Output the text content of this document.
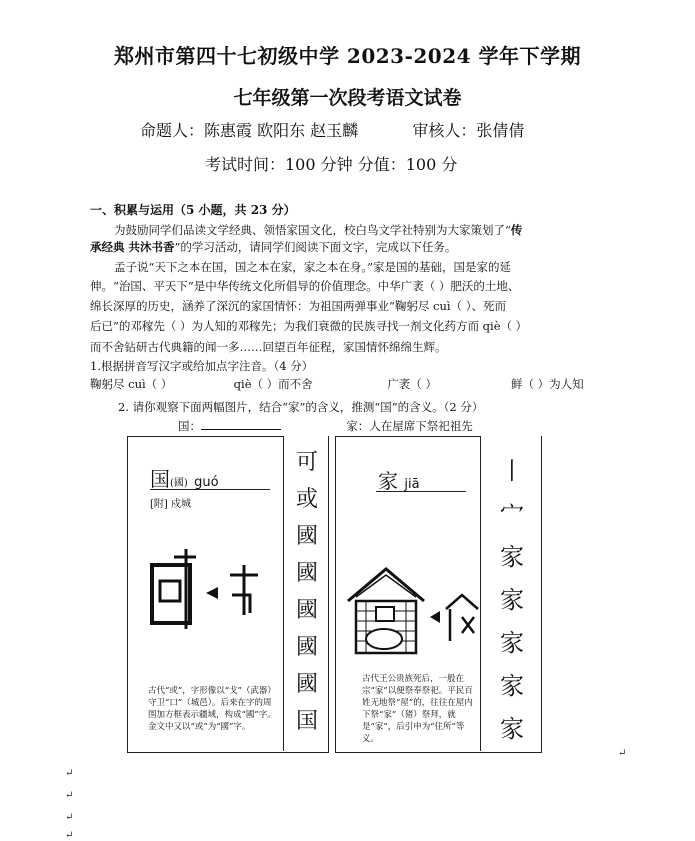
郑州市第四十七初级中学 2023-2024 学年下学期
七年级第一次段考语文试卷
命题人：陈惠霞 欧阳东 赵玉麟	审核人：张倩倩
考试时间：100 分钟 分值：100 分
一、积累与运用（5 小题，共 23 分）
为鼓励同学们品读文学经典、领悟家国文化，校白鸟文学社特别为大家策划了“传
承经典 共沐书香”的学习活动，请同学们阅读下面文字，完成以下任务。
孟子说“天下之本在国，国之本在家，家之本在身。”家是国的基础，国是家的延
伸。“治国、平天下”是中华传统文化所倡导的价值理念。中华广袤（ ）肥沃的土地、
绵长深厚的历史，涵养了深沉的家国情怀：为祖国两弹事业“鞠躬尽 cuì（ ）、死而
后已”的邓稼先（ ）为人知的邓稼先；为我们衰微的民族寻找一剂文化药方而 qiè（ ）
而不舍钻研古代典籍的闻一多……回望百年征程，家国情怀绵绵生辉。
1.根据拼音写汉字或给加点字注音。（4 分）
鞠躬尽 cuì（ ）	qiè（ ）而不舍	广袤（ ）	鲜（ ）为人知
2. 请你观察下面两幅图片，结合“家”的含义，推测“国”的含义。（2 分）
国：	家：人在屋席下祭祀祖先
国(國) guó
[附] 戍城
古代“或”，字形像以“戈”（武器）守卫“口”（城邑）。后来在字的周围加方框表示疆域，构成“國”字。金文中又以“或”为“國”字。
可
或
國
國
國
國
國
国
家 jiā
古代王公贵族死后，一般在宗“家”以便祭奉祭祀。平民百姓无地祭“屋”的，往往在屋内下祭“家”（猪）祭拜，就是“家”，后引申为“住所”等义。
丨
宀
家
家
家
家
家
↵
↵
↵
↵
↵
